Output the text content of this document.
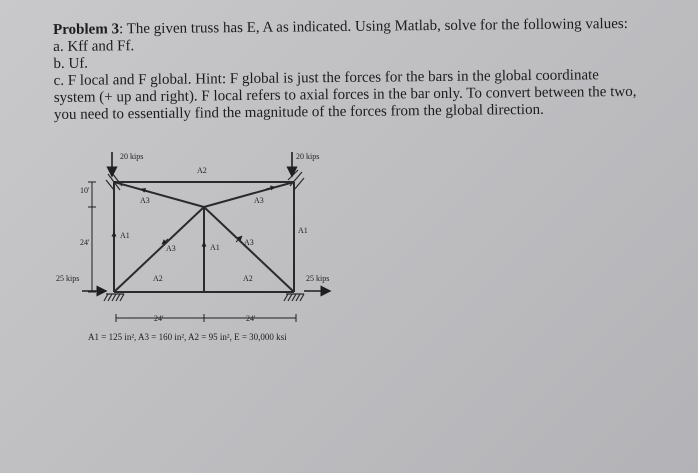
Problem 3: The given truss has E, A as indicated. Using Matlab, solve for the following values:
a. Kff and Ff.
b. Uf.
c. F local and F global. Hint: F global is just the forces for the bars in the global coordinate
system (+ up and right). F local refers to axial forces in the bar only. To convert between the two,
you need to essentially find the magnitude of the forces from the global direction.
20 kips	20 kips
25 kips	25 kips
10'
24'
24'	24'
A2
A3	A3
A1
A1
A1
A3
A3
A2	A2
A1 = 125 in², A3 = 160 in², A2 = 95 in², E = 30,000 ksi
